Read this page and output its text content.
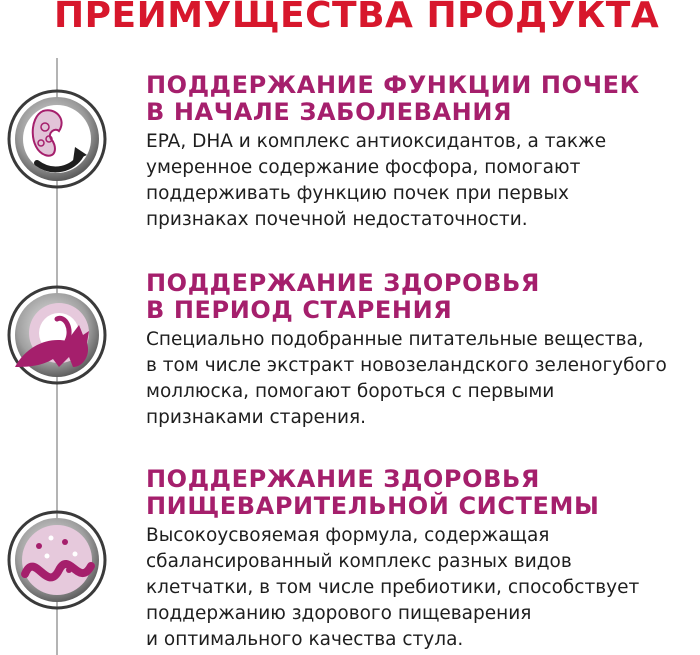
ПРЕИМУЩЕСТВА ПРОДУКТА
ПОДДЕРЖАНИЕ ФУНКЦИИ ПОЧЕК
В НАЧАЛЕ ЗАБОЛЕВАНИЯ
EPA, DHA и комплекс антиоксидантов, а также
умеренное содержание фосфора, помогают
поддерживать функцию почек при первых
признаках почечной недостаточности.
ПОДДЕРЖАНИЕ ЗДОРОВЬЯ
В ПЕРИОД СТАРЕНИЯ
Специально подобранные питательные вещества,
в том числе экстракт новозеландского зеленогубого
моллюска, помогают бороться с первыми
признаками старения.
ПОДДЕРЖАНИЕ ЗДОРОВЬЯ
ПИЩЕВАРИТЕЛЬНОЙ СИСТЕМЫ
Высокоусвояемая формула, содержащая
сбалансированный комплекс разных видов
клетчатки, в том числе пребиотики, способствует
поддержанию здорового пищеварения
и оптимального качества стула.
